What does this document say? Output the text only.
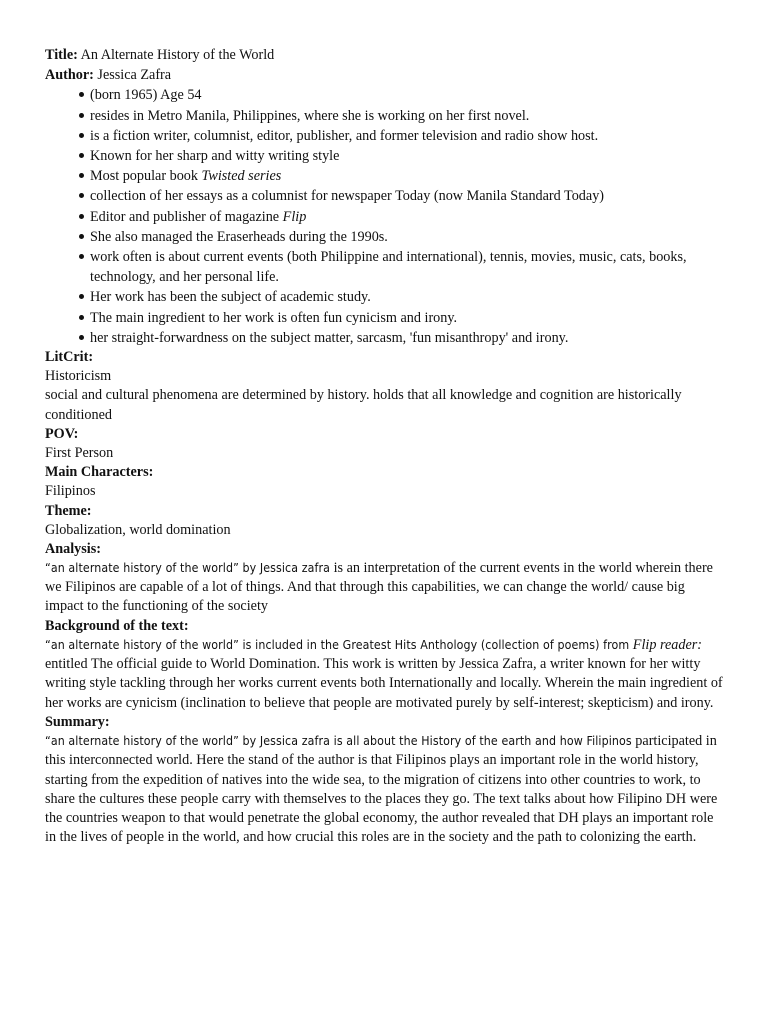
Title: An Alternate History of the World

Author: Jessica Zafra

(born 1965) Age 54
resides in Metro Manila, Philippines, where she is working on her first novel.
is a fiction writer, columnist, editor, publisher, and former television and radio show host.
Known for her sharp and witty writing style
Most popular book Twisted series
collection of her essays as a columnist for newspaper Today (now Manila Standard Today)
Editor and publisher of magazine Flip
She also managed the Eraserheads during the 1990s.
work often is about current events (both Philippine and international), tennis, movies, music, cats, books, technology, and her personal life.
Her work has been the subject of academic study.
The main ingredient to her work is often fun cynicism and irony.
her straight-forwardness on the subject matter, sarcasm, 'fun misanthropy' and irony.

LitCrit:

Historicism

social and cultural phenomena are determined by history. holds that all knowledge and cognition are historically conditioned

POV:

First Person

Main Characters:

Filipinos

Theme:

Globalization, world domination

Analysis:

“an alternate history of the world” by Jessica zafra is an interpretation of the current events in the world wherein there we Filipinos are capable of a lot of things. And that through this capabilities, we can change the world/ cause big impact to the functioning of the society

Background of the text:

“an alternate history of the world” is included in the Greatest Hits Anthology (collection of poems) from Flip reader: entitled The official guide to World Domination. This work is written by Jessica Zafra, a writer known for her witty writing style tackling through her works current events both Internationally and locally. Wherein the main ingredient of her works are cynicism (inclination to believe that people are motivated purely by self-interest; skepticism) and irony.

Summary:

“an alternate history of the world” by Jessica zafra is all about the History of the earth and how Filipinos participated in this interconnected world. Here the stand of the author is that Filipinos plays an important role in the world history, starting from the expedition of natives into the wide sea, to the migration of citizens into other countries to work, to share the cultures these people carry with themselves to the places they go. The text talks about how Filipino DH were the countries weapon to that would penetrate the global economy, the author revealed that DH plays an important role in the lives of people in the world, and how crucial this roles are in the society and the path to colonizing the earth.
